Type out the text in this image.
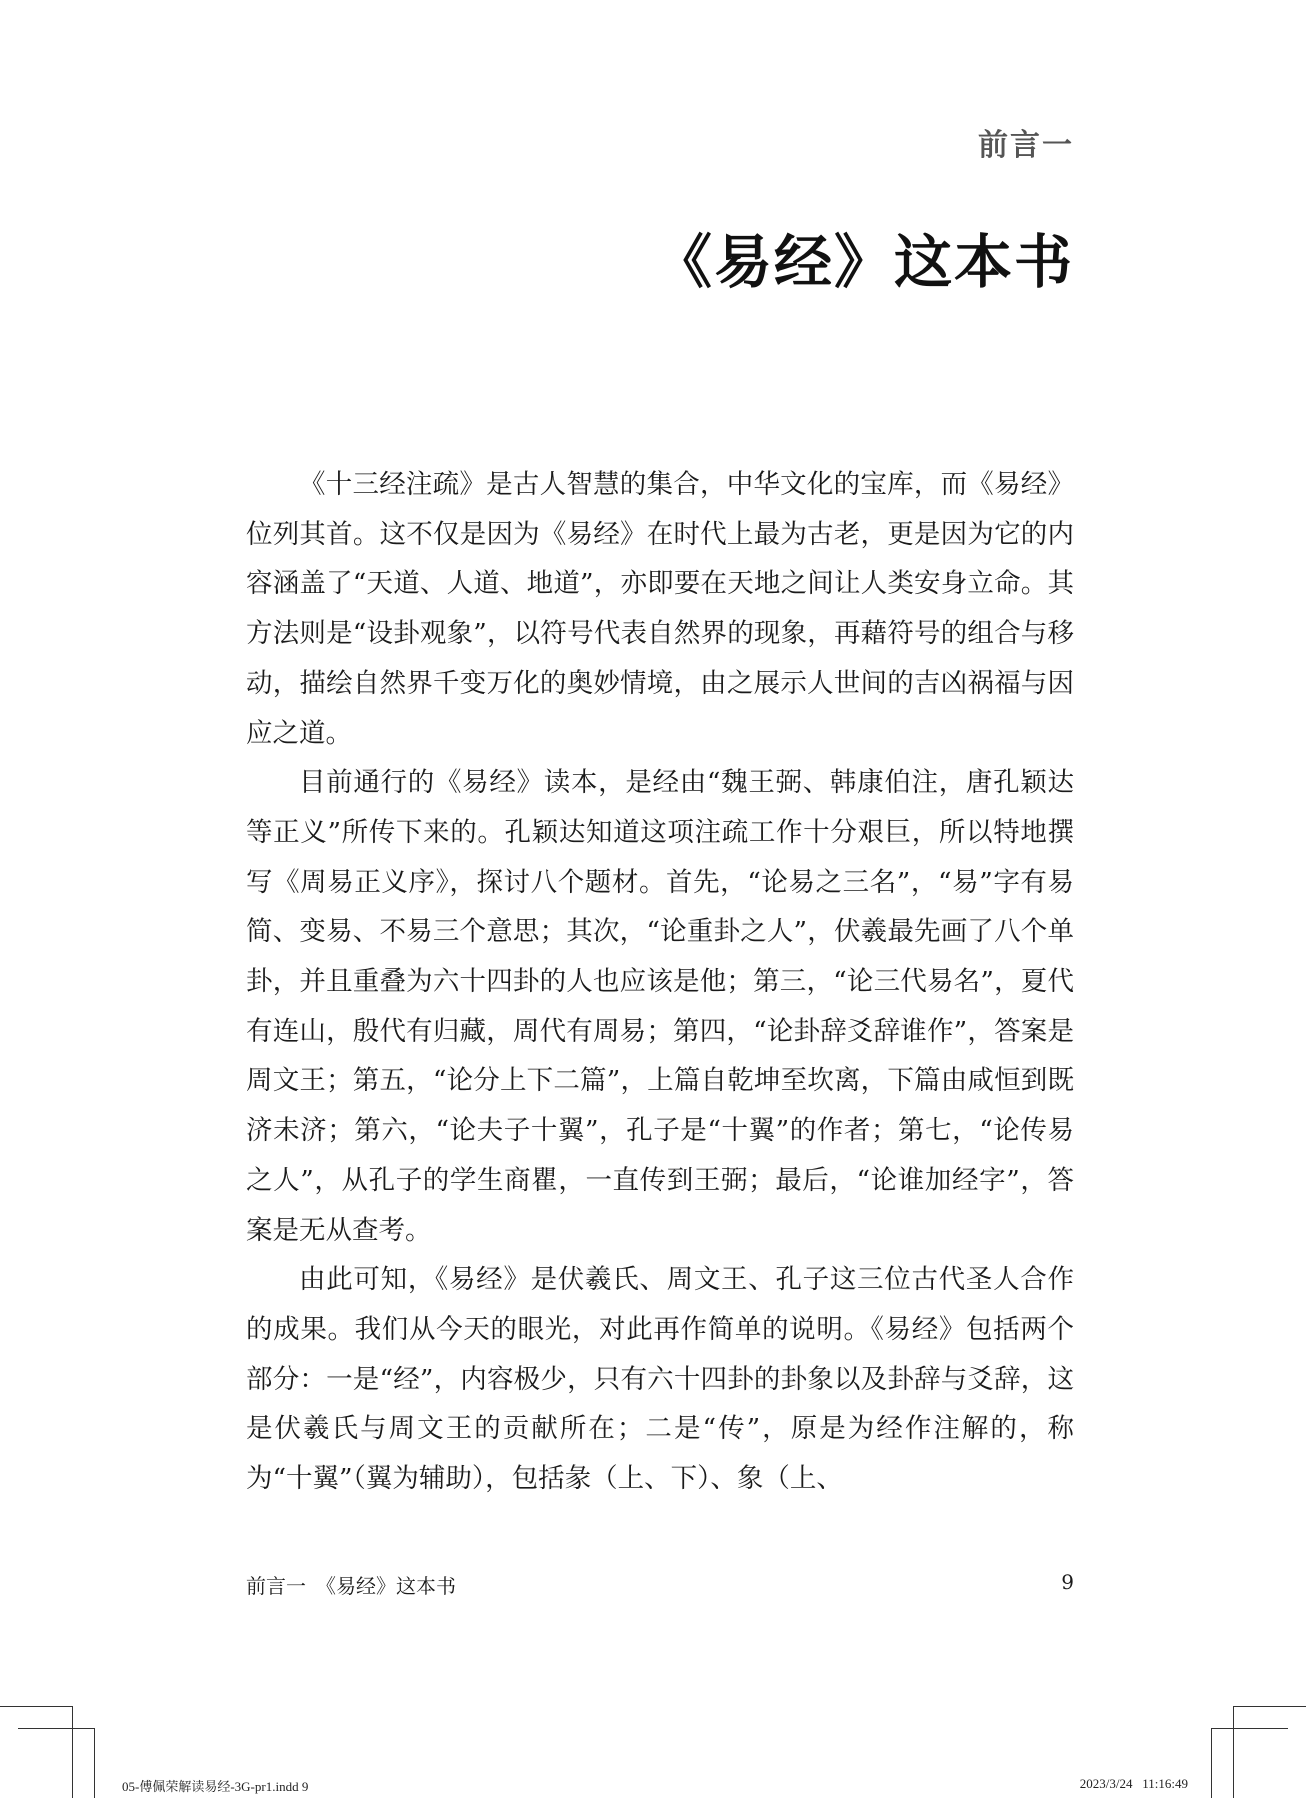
前言一
《易经》这本书

《十三经注疏》是古人智慧的集合，中华文化的宝库，而《易经》位列其首。这不仅是因为《易经》在时代上最为古老，更是因为它的内容涵盖了“天道、人道、地道”，亦即要在天地之间让人类安身立命。其方法则是“设卦观象”，以符号代表自然界的现象，再藉符号的组合与移动，描绘自然界千变万化的奥妙情境，由之展示人世间的吉凶祸福与因应之道。

目前通行的《易经》读本，是经由“魏王弼、韩康伯注，唐孔颖达等正义”所传下来的。孔颖达知道这项注疏工作十分艰巨，所以特地撰写《周易正义序》，探讨八个题材。首先，“论易之三名”，“易”字有易简、变易、不易三个意思；其次，“论重卦之人”，伏羲最先画了八个单卦，并且重叠为六十四卦的人也应该是他；第三，“论三代易名”，夏代有连山，殷代有归藏，周代有周易；第四，“论卦辞爻辞谁作”，答案是周文王；第五，“论分上下二篇”，上篇自乾坤至坎离，下篇由咸恒到既济未济；第六，“论夫子十翼”，孔子是“十翼”的作者；第七，“论传易之人”，从孔子的学生商瞿，一直传到王弼；最后，“论谁加经字”，答案是无从查考。

由此可知，《易经》是伏羲氏、周文王、孔子这三位古代圣人合作的成果。我们从今天的眼光，对此再作简单的说明。《易经》包括两个部分：一是“经”，内容极少，只有六十四卦的卦象以及卦辞与爻辞，这是伏羲氏与周文王的贡献所在；二是“传”，原是为经作注解的，称为“十翼”（翼为辅助），包括彖（上、下）、象（上、

前言一　《易经》这本书	9
05-傅佩荣解读易经-3G-pr1.indd 9	2023/3/24   11:16:49
